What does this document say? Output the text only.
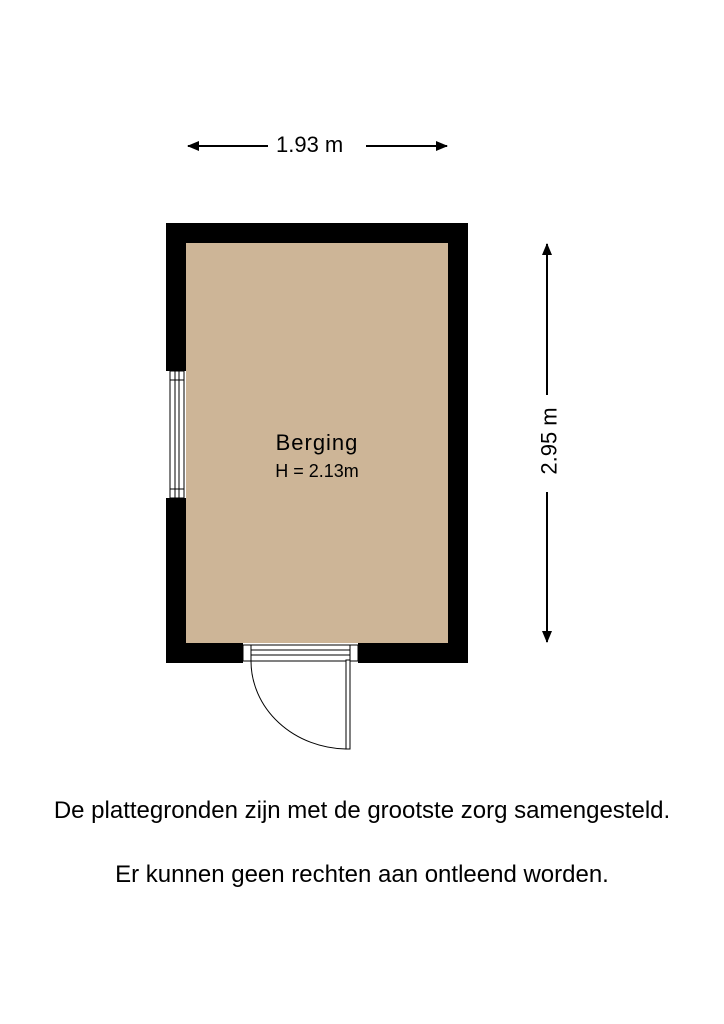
1.93 m
2.95 m
Berging
H = 2.13m
De plattegronden zijn met de grootste zorg samengesteld.
Er kunnen geen rechten aan ontleend worden.
